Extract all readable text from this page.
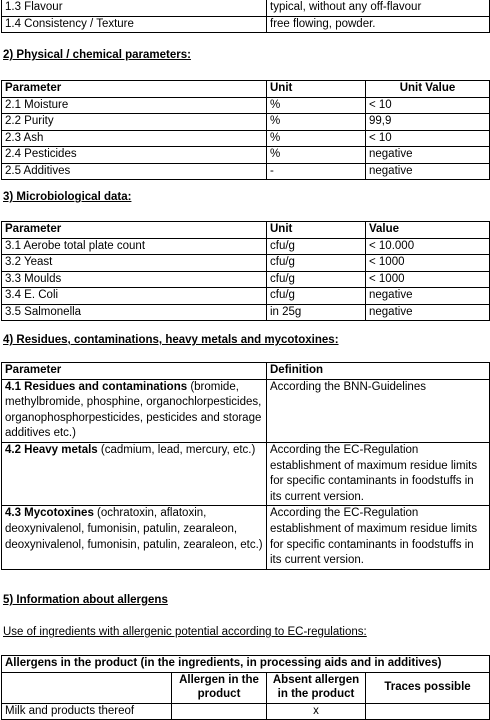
1.3 Flavour	typical, without any off-flavour
1.4 Consistency / Texture	free flowing, powder.
2) Physical / chemical parameters:
Parameter	Unit	Unit Value
2.1 Moisture	%	< 10
2.2 Purity	%	99,9
2.3 Ash	%	< 10
2.4 Pesticides	%	negative
2.5 Additives	-	negative
3) Microbiological data:
Parameter	Unit	Value
3.1 Aerobe total plate count	cfu/g	< 10.000
3.2 Yeast	cfu/g	< 1000
3.3 Moulds	cfu/g	< 1000
3.4 E. Coli	cfu/g	negative
3.5 Salmonella	in 25g	negative
4) Residues, contaminations, heavy metals and mycotoxines:
Parameter	Definition
4.1 Residues and contaminations (bromide, methylbromide, phosphine, organochlorpesticides, organophosphorpesticides, pesticides and storage additives etc.)	According the BNN-Guidelines
4.2 Heavy metals (cadmium, lead, mercury, etc.)	According the EC-Regulation establishment of maximum residue limits for specific contaminants in foodstuffs in its current version.
4.3 Mycotoxines (ochratoxin, aflatoxin, deoxynivalenol, fumonisin, patulin, zearaleon, deoxynivalenol, fumonisin, patulin, zearaleon, etc.)	According the EC-Regulation establishment of maximum residue limits for specific contaminants in foodstuffs in its current version.
5) Information about allergens
Use of ingredients with allergenic potential according to EC-regulations:
Allergens in the product (in the ingredients, in processing aids and in additives)			
	Allergen in the product	Absent allergen in the product	Traces possible
Milk and products thereof		x	
